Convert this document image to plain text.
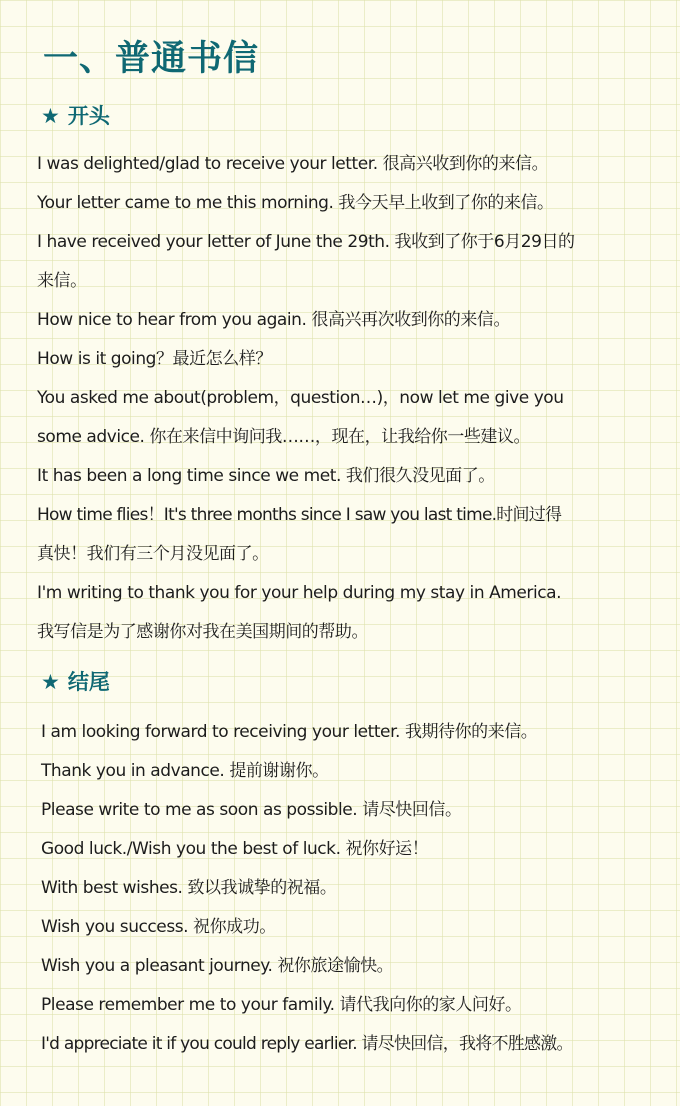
一、普通书信
★ 开头
I was delighted/glad to receive your letter. 很高兴收到你的来信。
Your letter came to me this morning. 我今天早上收到了你的来信。
I have received your letter of June the 29th. 我收到了你于6月29日的
来信。
How nice to hear from you again. 很高兴再次收到你的来信。
How is it going？最近怎么样？
You asked me about(problem，question…)，now let me give you
some advice. 你在来信中询问我……，现在，让我给你一些建议。
It has been a long time since we met. 我们很久没见面了。
How time flies！It's three months since I saw you last time.时间过得
真快！我们有三个月没见面了。
I'm writing to thank you for your help during my stay in America.
我写信是为了感谢你对我在美国期间的帮助。
★ 结尾
I am looking forward to receiving your letter. 我期待你的来信。
Thank you in advance. 提前谢谢你。
Please write to me as soon as possible. 请尽快回信。
Good luck./Wish you the best of luck. 祝你好运！
With best wishes. 致以我诚挚的祝福。
Wish you success. 祝你成功。
Wish you a pleasant journey. 祝你旅途愉快。
Please remember me to your family. 请代我向你的家人问好。
I'd appreciate it if you could reply earlier. 请尽快回信，我将不胜感激。
